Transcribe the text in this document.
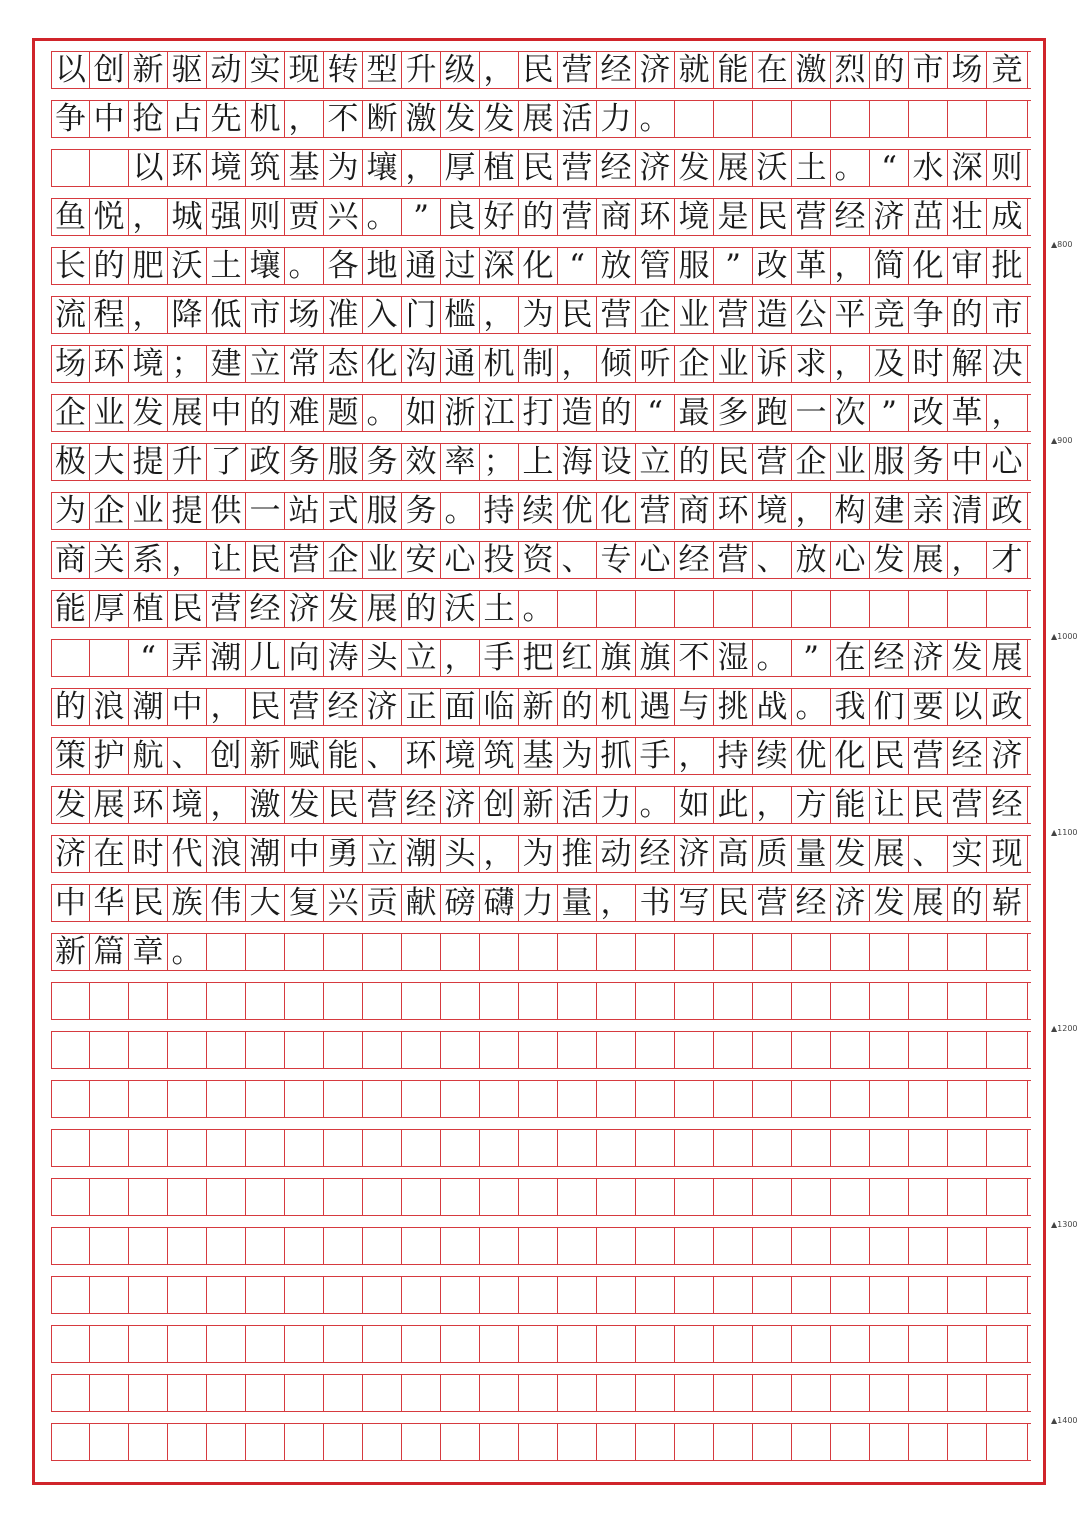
以 创 新 驱 动 实 现 转 型 升 级 ， 民 营 经 济 就 能 在 激 烈 的 市 场 竞
争 中 抢 占 先 机 ， 不 断 激 发 发 展 活 力 。
以 环 境 筑 基 为 壤 ， 厚 植 民 营 经 济 发 展 沃 土 。 “ 水 深 则
鱼 悦 ， 城 强 则 贾 兴 。 ” 良 好 的 营 商 环 境 是 民 营 经 济 茁 壮 成
长 的 肥 沃 土 壤 。 各 地 通 过 深 化 “ 放 管 服 ” 改 革 ， 简 化 审 批
流 程 ， 降 低 市 场 准 入 门 槛 ， 为 民 营 企 业 营 造 公 平 竞 争 的 市
场 环 境 ； 建 立 常 态 化 沟 通 机 制 ， 倾 听 企 业 诉 求 ， 及 时 解 决
企 业 发 展 中 的 难 题 。 如 浙 江 打 造 的 “ 最 多 跑 一 次 ” 改 革 ，
极 大 提 升 了 政 务 服 务 效 率 ； 上 海 设 立 的 民 营 企 业 服 务 中 心
为 企 业 提 供 一 站 式 服 务 。 持 续 优 化 营 商 环 境 ， 构 建 亲 清 政
商 关 系 ， 让 民 营 企 业 安 心 投 资 、 专 心 经 营 、 放 心 发 展 ， 才
能 厚 植 民 营 经 济 发 展 的 沃 土 。
“ 弄 潮 儿 向 涛 头 立 ， 手 把 红 旗 旗 不 湿 。 ” 在 经 济 发 展
的 浪 潮 中 ， 民 营 经 济 正 面 临 新 的 机 遇 与 挑 战 。 我 们 要 以 政
策 护 航 、 创 新 赋 能 、 环 境 筑 基 为 抓 手 ， 持 续 优 化 民 营 经 济
发 展 环 境 ， 激 发 民 营 经 济 创 新 活 力 。 如 此 ， 方 能 让 民 营 经
济 在 时 代 浪 潮 中 勇 立 潮 头 ， 为 推 动 经 济 高 质 量 发 展 、 实 现
中 华 民 族 伟 大 复 兴 贡 献 磅 礴 力 量 ， 书 写 民 营 经 济 发 展 的 崭
新 篇 章 。
▲800
▲900
▲1000
▲1100
▲1200
▲1300
▲1400
